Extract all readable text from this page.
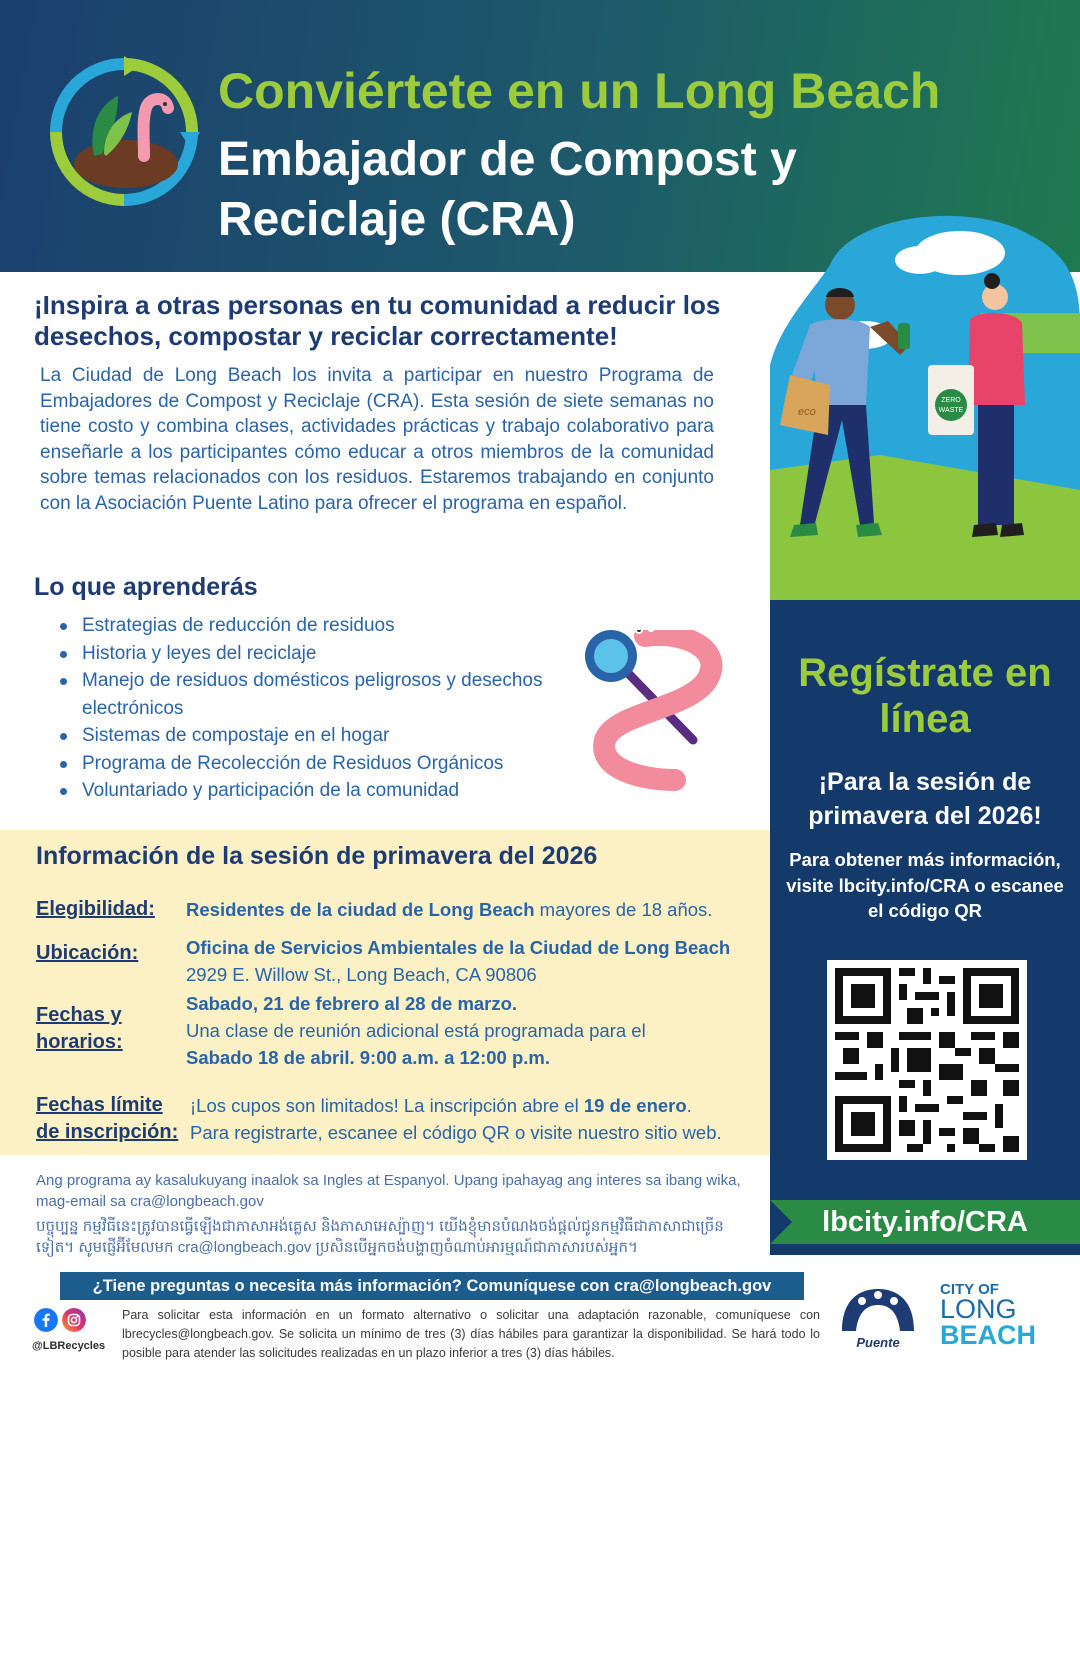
Conviértete en un Long Beach
Embajador de Compost y Reciclaje (CRA)
eco
ZERO
WASTE
¡Inspira a otras personas en tu comunidad a reducir los desechos, compostar y reciclar correctamente!
La Ciudad de Long Beach los invita a participar en nuestro Programa de Embajadores de Compost y Reciclaje (CRA). Esta sesión de siete semanas no tiene costo y combina clases, actividades prácticas y trabajo colaborativo para enseñarle a los participantes cómo educar a otros miembros de la comunidad sobre temas relacionados con los residuos. Estaremos trabajando en conjunto con la Asociación Puente Latino para ofrecer el programa en español.
Lo que aprenderás
Estrategias de reducción de residuos
Historia y leyes del reciclaje
Manejo de residuos domésticos peligrosos y desechos electrónicos
Sistemas de compostaje en el hogar
Programa de Recolección de Residuos Orgánicos
Voluntariado y participación de la comunidad
Información de la sesión de primavera del 2026
Elegibilidad: Residentes de la ciudad de Long Beach mayores de 18 años.
Ubicación:	Oficina de Servicios Ambientales de la Ciudad de Long Beach
2929 E. Willow St., Long Beach, CA 90806
Fechas y
horarios:
Sabado, 21 de febrero al 28 de marzo.
Una clase de reunión adicional está programada para el
Sabado 18 de abril. 9:00 a.m. a 12:00 p.m.
Fechas límite
de inscripción:
¡Los cupos son limitados! La inscripción abre el 19 de enero.
Para registrarte, escanee el código QR o visite nuestro sitio web.
Ang programa ay kasalukuyang inaalok sa Ingles at Espanyol. Upang ipahayag ang interes sa ibang wika, mag-email sa cra@longbeach.gov
បច្ចុប្បន្ន កម្មវិធីនេះត្រូវបានធ្វើឡើងជាភាសាអង់គ្លេស និងភាសាអេស្ប៉ាញ។ យើងខ្ញុំមានបំណងចង់ផ្តល់ជូនកម្មវិធីជាភាសាជាច្រើនទៀត។ សូមផ្ញើអ៊ីមែលមក cra@longbeach.gov ប្រសិនបើអ្នកចង់បង្ហាញចំណាប់អារម្មណ៍ជាភាសារបស់អ្នក។
¿Tiene preguntas o necesita más información? Comuníquese con cra@longbeach.gov
@LBRecycles
Para solicitar esta información en un formato alternativo o solicitar una adaptación razonable, comuníquese con lbrecycles@longbeach.gov. Se solicita un mínimo de tres (3) días hábiles para garantizar la disponibilidad. Se hará todo lo posible para atender las solicitudes realizadas en un plazo inferior a tres (3) días hábiles.
Puente
CITY OF
LONG
BEACH
Regístrate en línea
¡Para la sesión de primavera del 2026!
Para obtener más información, visite lbcity.info/CRA o escanee el código QR
lbcity.info/CRA
